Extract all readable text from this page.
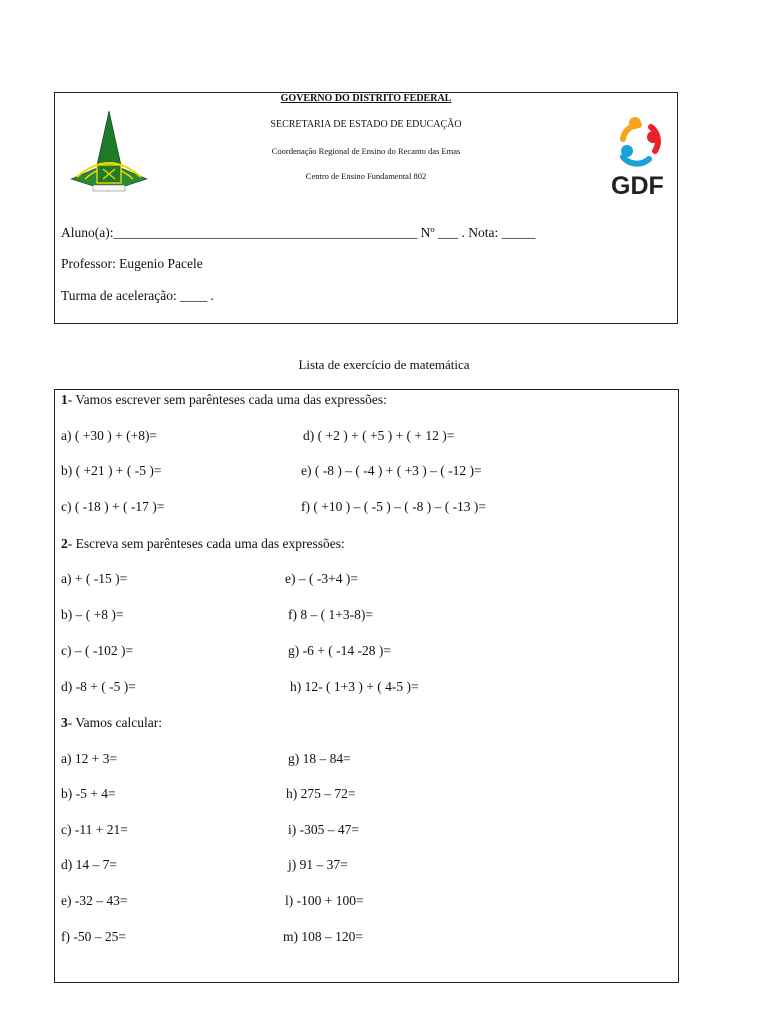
GOVERNO DO DISTRITO FEDERAL
SECRETARIA DE ESTADO DE EDUCAÇÃO
Coordenação Regional de Ensino do Recanto das Emas
Centro de Ensino Fundamental 802	GDF
Aluno(a):_____________________________________________ Nº ___ . Nota: _____
Professor: Eugenio Pacele
Turma de aceleração: ____ .
Lista de exercício de matemática
1- Vamos escrever sem parênteses cada uma das expressões:
a) ( +30 ) + (+8)=	d) ( +2 ) + ( +5 ) + ( + 12 )=
b) ( +21 ) + ( -5 )=	e) ( -8 ) – ( -4 ) + ( +3 ) – ( -12 )=
c) ( -18 ) + ( -17 )=	f) ( +10 ) – ( -5 ) – ( -8 ) – ( -13 )=
2- Escreva sem parênteses cada uma das expressões:
a) + ( -15 )=	e) – ( -3+4 )=
b) – ( +8 )=	f) 8 – ( 1+3-8)=
c) – ( -102 )=	g) -6 + ( -14 -28 )=
d) -8 + ( -5 )=	h) 12- ( 1+3 ) + ( 4-5 )=
3- Vamos calcular:
a) 12 + 3=	g) 18 – 84=
b) -5 + 4=	h) 275 – 72=
c) -11 + 21=	i) -305 – 47=
d) 14 – 7=	j) 91 – 37=
e) -32 – 43=	l) -100 + 100=
f) -50 – 25=	m) 108 – 120=
